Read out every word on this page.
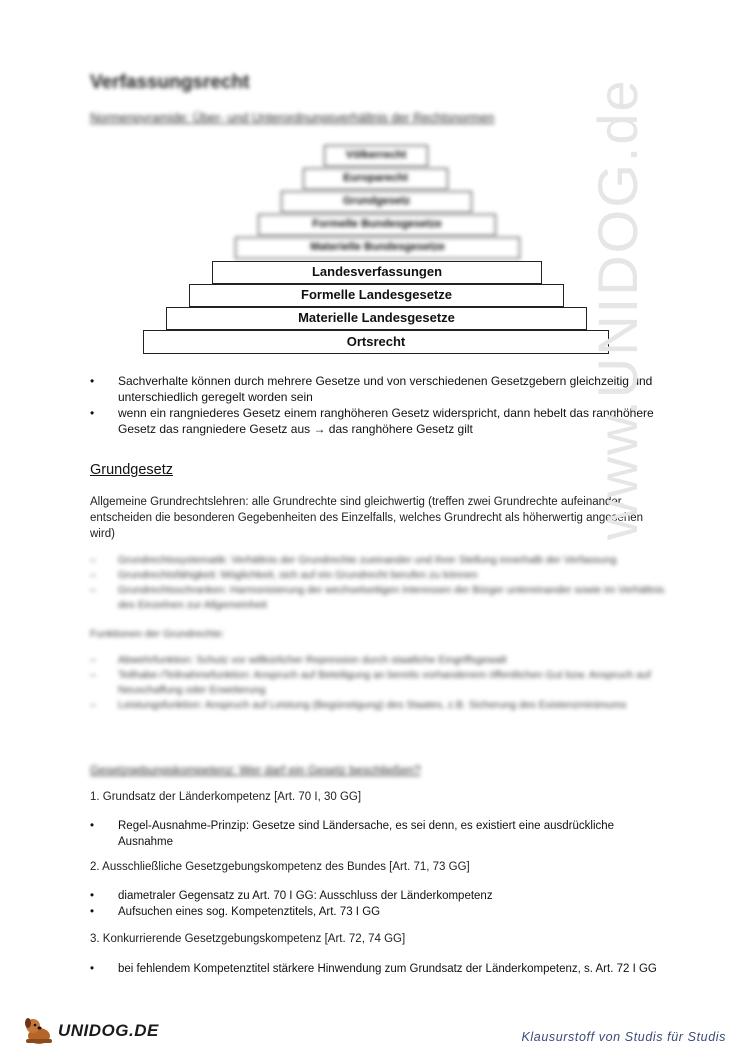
Verfassungsrecht
Normenpyramide: Über- und Unterordnungsverhältnis der Rechtsnormen
Völkerrecht
Europarecht
Grundgesetz
Formelle Bundesgesetze
Materielle Bundesgesetze
Landesverfassungen
Formelle Landesgesetze
Materielle Landesgesetze
Ortsrecht
• Sachverhalte können durch mehrere Gesetze und von verschiedenen Gesetzgebern gleichzeitig und unterschiedlich geregelt worden sein
• wenn ein rangniederes Gesetz einem ranghöheren Gesetz widerspricht, dann hebelt das ranghöhere Gesetz das rangniedere Gesetz aus → das ranghöhere Gesetz gilt
Grundgesetz
Allgemeine Grundrechtslehren: alle Grundrechte sind gleichwertig (treffen zwei Grundrechte aufeinander, entscheiden die besonderen Gegebenheiten des Einzelfalls, welches Grundrecht als höherwertig angesehen wird)
– Grundrechtssystematik: Verhältnis der Grundrechte zueinander und ihrer Stellung innerhalb der Verfassung
– Grundrechtsfähigkeit: Möglichkeit, sich auf ein Grundrecht berufen zu können
– Grundrechtsschranken: Harmonisierung der wechselseitigen Interessen der Bürger untereinander sowie im Verhältnis des Einzelnen zur Allgemeinheit
Funktionen der Grundrechte:
– Abwehrfunktion: Schutz vor willkürlicher Repression durch staatliche Eingriffsgewalt
– Teilhabe-/Teilnahmefunktion: Anspruch auf Beteiligung an bereits vorhandenem öffentlichen Gut bzw. Anspruch auf Neuschaffung oder Erweiterung
– Leistungsfunktion: Anspruch auf Leistung (Begünstigung) des Staates, z.B. Sicherung des Existenzminimums
Gesetzgebungskompetenz: Wer darf ein Gesetz beschließen?
1. Grundsatz der Länderkompetenz [Art. 70 I, 30 GG]
• Regel-Ausnahme-Prinzip: Gesetze sind Ländersache, es sei denn, es existiert eine ausdrückliche Ausnahme
2. Ausschließliche Gesetzgebungskompetenz des Bundes [Art. 71, 73 GG]
• diametraler Gegensatz zu Art. 70 I GG: Ausschluss der Länderkompetenz
• Aufsuchen eines sog. Kompetenztitels, Art. 73 I GG
3. Konkurrierende Gesetzgebungskompetenz [Art. 72, 74 GG]
• bei fehlendem Kompetenztitel stärkere Hinwendung zum Grundsatz der Länderkompetenz, s. Art. 72 I GG
www.UNIDOG.de
UNIDOG.DE	Klausurstoff von Studis für Studis
